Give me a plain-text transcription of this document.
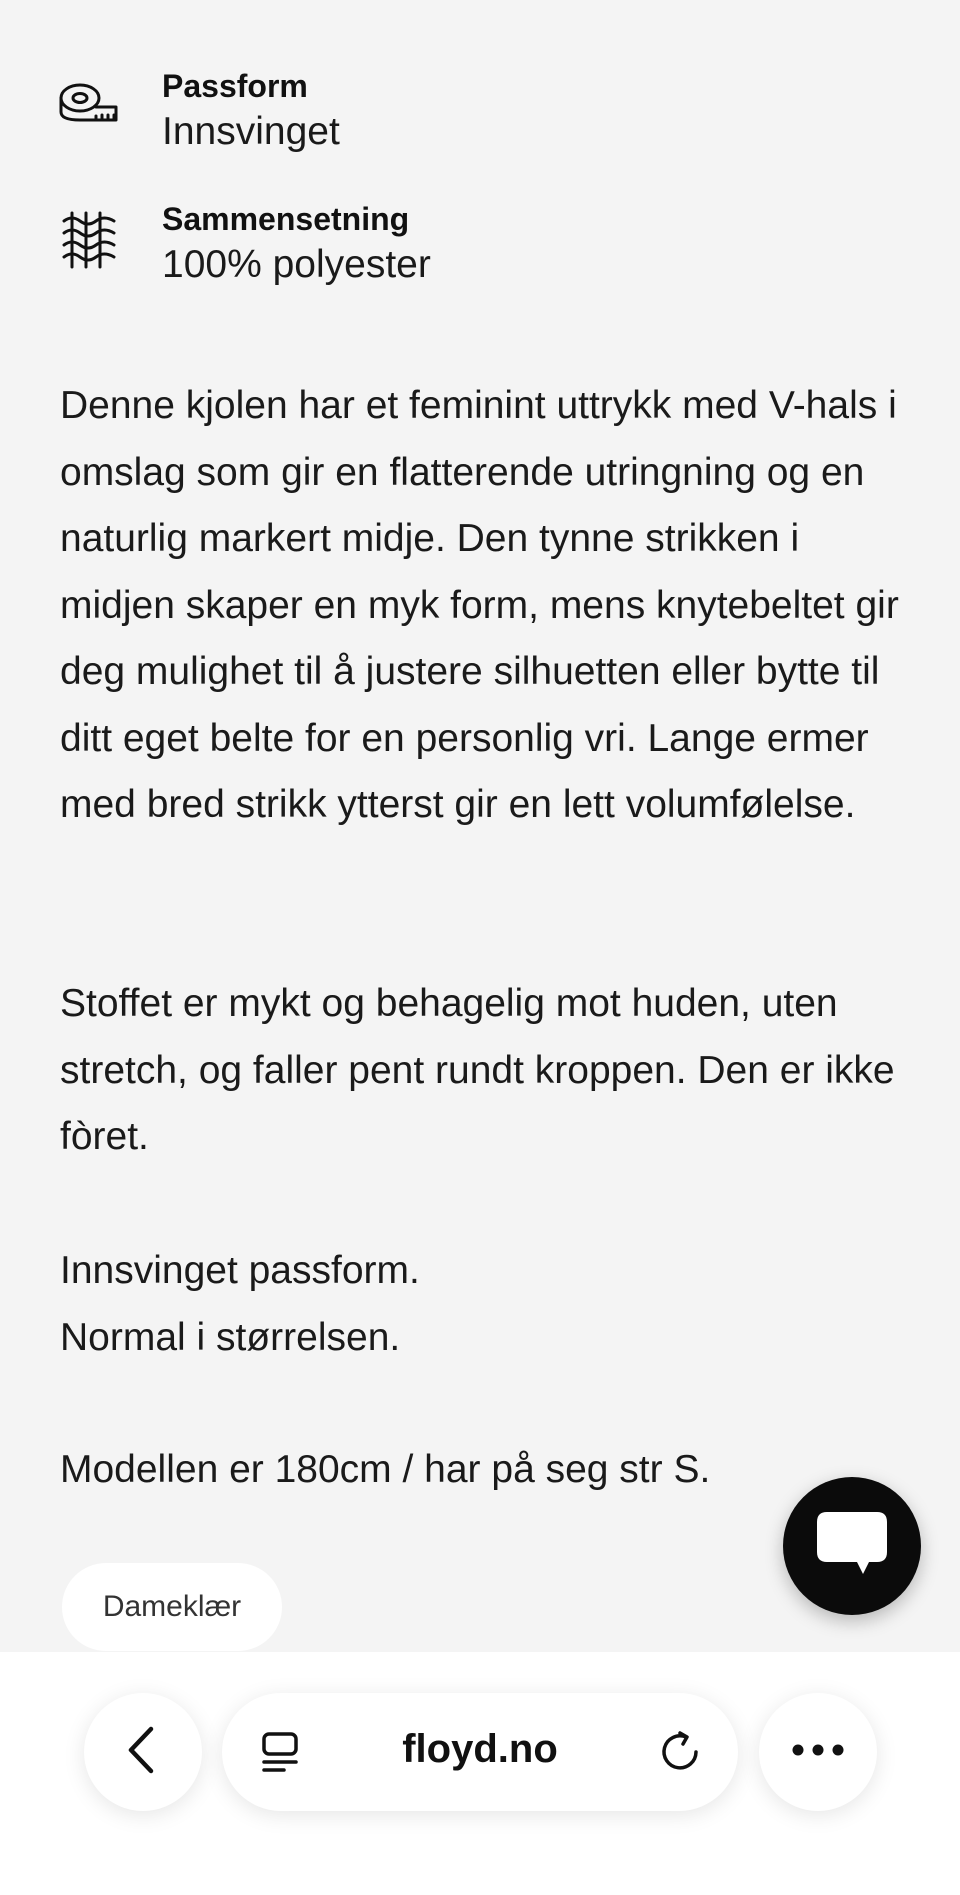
Passform
Innsvinget
Sammensetning
100% polyester

Denne kjolen har et feminint uttrykk med V-hals i omslag som gir en flatterende utringning og en naturlig markert midje. Den tynne strikken i midjen skaper en myk form, mens knytebeltet gir deg mulighet til å justere silhuetten eller bytte til ditt eget belte for en personlig vri. Lange ermer med bred strikk ytterst gir en lett volumfølelse.

Stoffet er mykt og behagelig mot huden, uten stretch, og faller pent rundt kroppen. Den er ikke fòret.

Innsvinget passform.
Normal i størrelsen.

Modellen er 180cm / har på seg str S.

Dameklær
floyd.no
